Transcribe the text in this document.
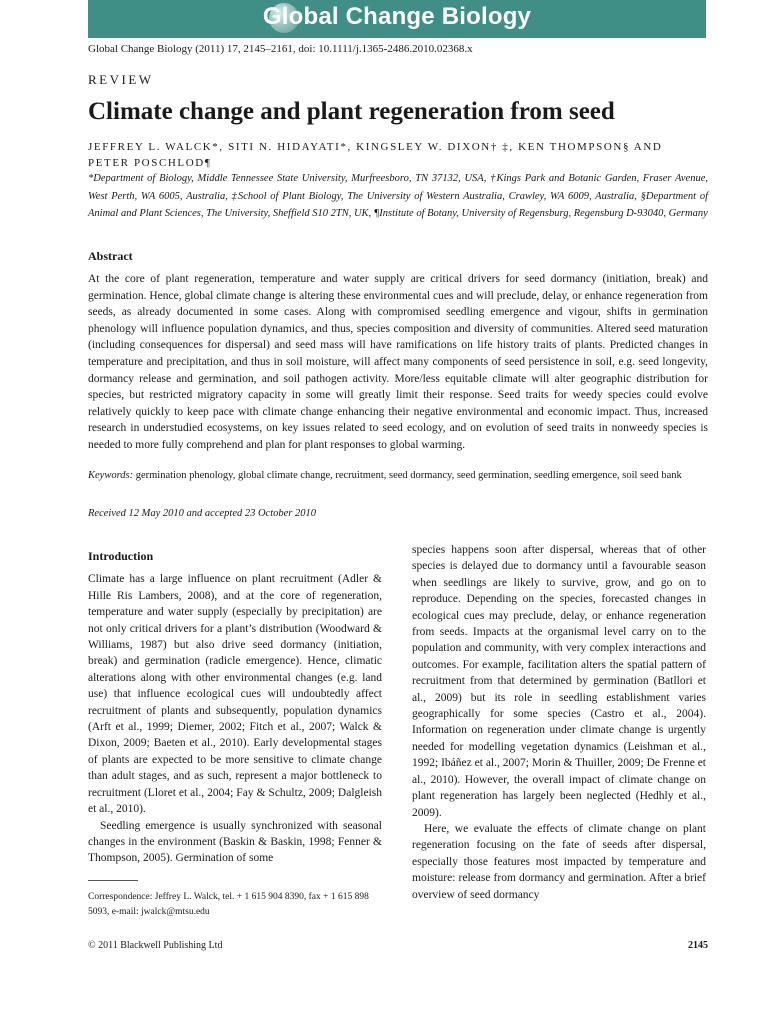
Global Change Biology
Global Change Biology (2011) 17, 2145–2161, doi: 10.1111/j.1365-2486.2010.02368.x
REVIEW
Climate change and plant regeneration from seed
JEFFREY L. WALCK*, SITI N. HIDAYATI*, KINGSLEY W. DIXON† ‡, KEN THOMPSON§ AND PETER POSCHLOD¶
*Department of Biology, Middle Tennessee State University, Murfreesboro, TN 37132, USA, †Kings Park and Botanic Garden, Fraser Avenue, West Perth, WA 6005, Australia, ‡School of Plant Biology, The University of Western Australia, Crawley, WA 6009, Australia, §Department of Animal and Plant Sciences, The University, Sheffield S10 2TN, UK, ¶Institute of Botany, University of Regensburg, Regensburg D-93040, Germany
Abstract

At the core of plant regeneration, temperature and water supply are critical drivers for seed dormancy (initiation, break) and germination. Hence, global climate change is altering these environmental cues and will preclude, delay, or enhance regeneration from seeds, as already documented in some cases. Along with compromised seedling emergence and vigour, shifts in germination phenology will influence population dynamics, and thus, species composition and diversity of communities. Altered seed maturation (including consequences for dispersal) and seed mass will have ramifications on life history traits of plants. Predicted changes in temperature and precipitation, and thus in soil moisture, will affect many components of seed persistence in soil, e.g. seed longevity, dormancy release and germination, and soil pathogen activity. More/less equitable climate will alter geographic distribution for species, but restricted migratory capacity in some will greatly limit their response. Seed traits for weedy species could evolve relatively quickly to keep pace with climate change enhancing their negative environmental and economic impact. Thus, increased research in understudied ecosystems, on key issues related to seed ecology, and on evolution of seed traits in nonweedy species is needed to more fully comprehend and plan for plant responses to global warming.

Keywords: germination phenology, global climate change, recruitment, seed dormancy, seed germination, seedling emergence, soil seed bank
Received 12 May 2010 and accepted 23 October 2010
Introduction

Climate has a large influence on plant recruitment (Adler & Hille Ris Lambers, 2008), and at the core of regeneration, temperature and water supply (especially by precipitation) are not only critical drivers for a plant’s distribution (Woodward & Williams, 1987) but also drive seed dormancy (initiation, break) and germination (radicle emergence). Hence, climatic alterations along with other environmental changes (e.g. land use) that influence ecological cues will undoubtedly affect recruitment of plants and subsequently, population dynamics (Arft et al., 1999; Diemer, 2002; Fitch et al., 2007; Walck & Dixon, 2009; Baeten et al., 2010). Early developmental stages of plants are expected to be more sensitive to climate change than adult stages, and as such, represent a major bottleneck to recruitment (Lloret et al., 2004; Fay & Schultz, 2009; Dalgleish et al., 2010).

Seedling emergence is usually synchronized with seasonal changes in the environment (Baskin & Baskin, 1998; Fenner & Thompson, 2005). Germination of some

species happens soon after dispersal, whereas that of other species is delayed due to dormancy until a favourable season when seedlings are likely to survive, grow, and go on to reproduce. Depending on the species, forecasted changes in ecological cues may preclude, delay, or enhance regeneration from seeds. Impacts at the organismal level carry on to the population and community, with very complex interactions and outcomes. For example, facilitation alters the spatial pattern of recruitment from that determined by germination (Batllori et al., 2009) but its role in seedling establishment varies geographically for some species (Castro et al., 2004). Information on regeneration under climate change is urgently needed for modelling vegetation dynamics (Leishman et al., 1992; Ibáñez et al., 2007; Morin & Thuiller, 2009; De Frenne et al., 2010). However, the overall impact of climate change on plant regeneration has largely been neglected (Hedhly et al., 2009).

Here, we evaluate the effects of climate change on plant regeneration focusing on the fate of seeds after dispersal, especially those features most impacted by temperature and moisture: release from dormancy and germination. After a brief overview of seed dormancy

Correspondence: Jeffrey L. Walck, tel. + 1 615 904 8390, fax + 1 615 898 5093, e-mail: jwalck@mtsu.edu
© 2011 Blackwell Publishing Ltd	2145
